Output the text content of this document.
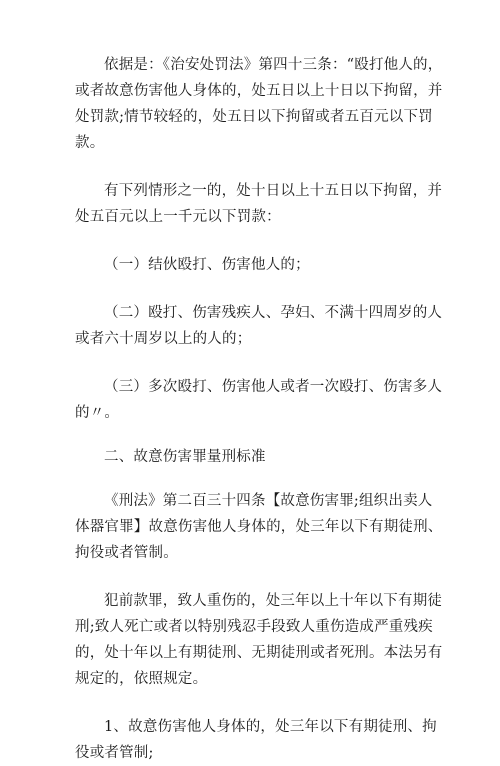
依据是：《治安处罚法》第四十三条：“殴打他人的，或者故意伤害他人身体的，处五日以上十日以下拘留，并处罚款;情节较轻的，处五日以下拘留或者五百元以下罚款。

有下列情形之一的，处十日以上十五日以下拘留，并处五百元以上一千元以下罚款：

（一）结伙殴打、伤害他人的；

（二）殴打、伤害残疾人、孕妇、不满十四周岁的人或者六十周岁以上的人的；

（三）多次殴打、伤害他人或者一次殴打、伤害多人的〃。

二、故意伤害罪量刑标准

《刑法》第二百三十四条【故意伤害罪;组织出卖人体器官罪】故意伤害他人身体的，处三年以下有期徒刑、拘役或者管制。

犯前款罪，致人重伤的，处三年以上十年以下有期徒刑;致人死亡或者以特别残忍手段致人重伤造成严重残疾的，处十年以上有期徒刑、无期徒刑或者死刑。本法另有规定的，依照规定。

1、故意伤害他人身体的，处三年以下有期徒刑、拘役或者管制;
